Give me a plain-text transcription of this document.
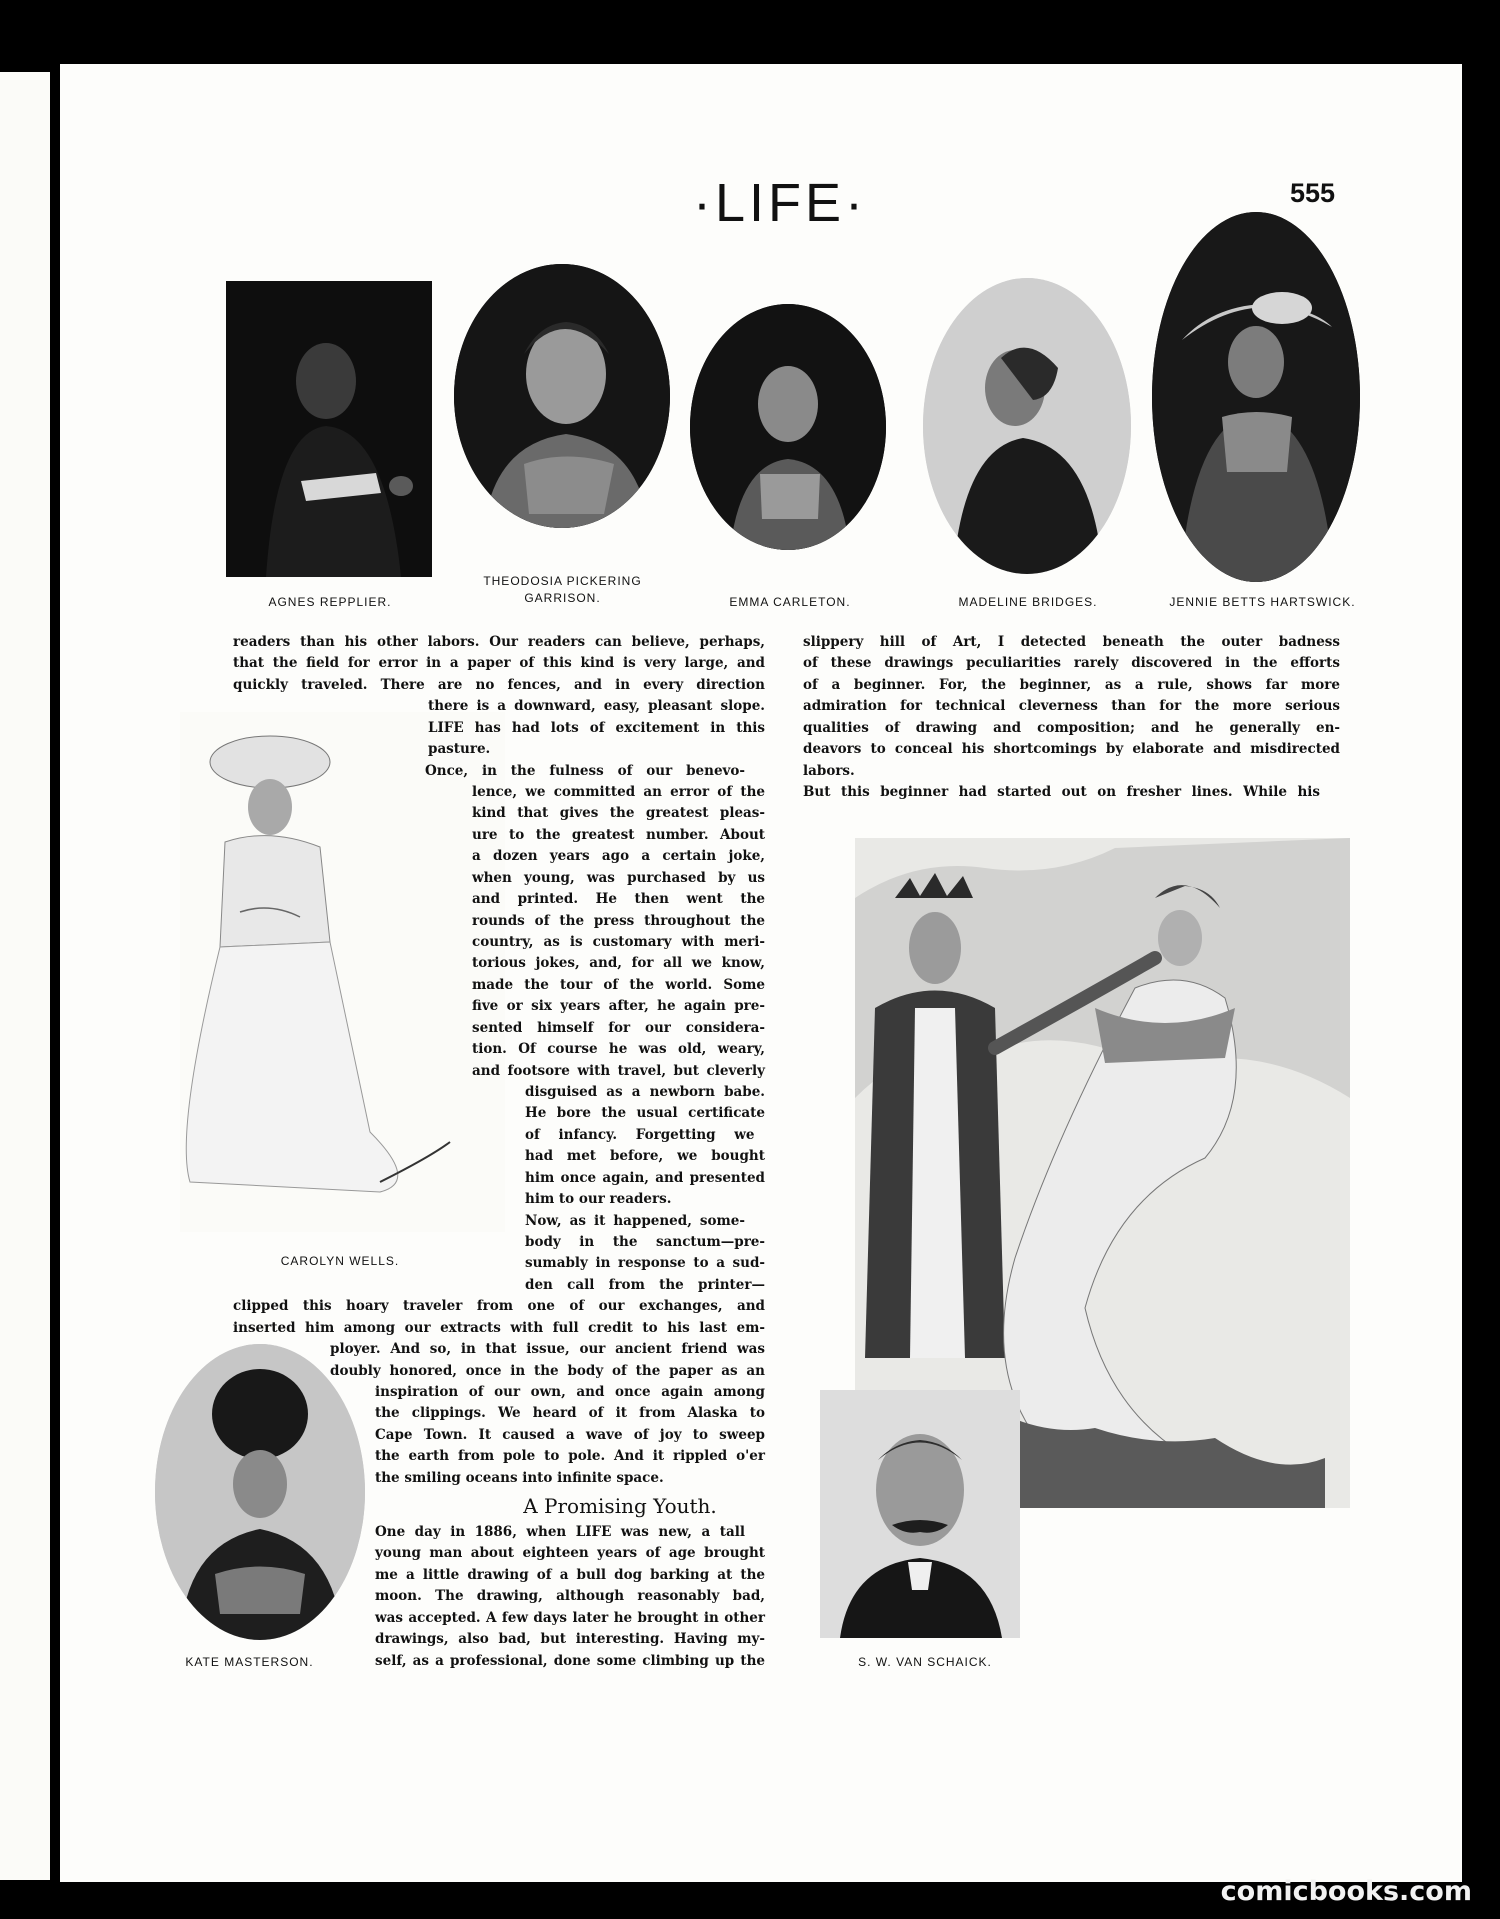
·LIFE·	555
AGNES REPPLIER.
THEODOSIA PICKERING
GARRISON.	EMMA CARLETON.	MADELINE BRIDGES.	JENNIE BETTS HARTSWICK.
CAROLYN WELLS.
KATE MASTERSON.	S. W. VAN SCHAICK.
readers than his other labors. Our readers can believe, perhaps,
that the field for error in a paper of this kind is very large, and
quickly traveled. There are no fences, and in every direction
there is a downward, easy, pleasant slope.
LIFE has had lots of excitement in this
pasture.
Once, in the fulness of our benevo-
lence, we committed an error of the
kind that gives the greatest pleas-
ure to the greatest number. About
a dozen years ago a certain joke,
when young, was purchased by us
and printed. He then went the
rounds of the press throughout the
country, as is customary with meri-
torious jokes, and, for all we know,
made the tour of the world. Some
five or six years after, he again pre-
sented himself for our considera-
tion. Of course he was old, weary,
and footsore with travel, but cleverly
disguised as a newborn babe.
He bore the usual certificate
of infancy. Forgetting we
had met before, we bought
him once again, and presented
him to our readers.
Now, as it happened, some-
body in the sanctum—pre-
sumably in response to a sud-
den call from the printer—
clipped this hoary traveler from one of our exchanges, and
inserted him among our extracts with full credit to his last em-
ployer. And so, in that issue, our ancient friend was
doubly honored, once in the body of the paper as an
inspiration of our own, and once again among
the clippings. We heard of it from Alaska to
Cape Town. It caused a wave of joy to sweep
the earth from pole to pole. And it rippled o'er
the smiling oceans into infinite space.
A Promising Youth.
One day in 1886, when LIFE was new, a tall
young man about eighteen years of age brought
me a little drawing of a bull dog barking at the
moon. The drawing, although reasonably bad,
was accepted. A few days later he brought in other
drawings, also bad, but interesting. Having my-
self, as a professional, done some climbing up the
slippery hill of Art, I detected beneath the outer badness
of these drawings peculiarities rarely discovered in the efforts
of a beginner. For, the beginner, as a rule, shows far more
admiration for technical cleverness than for the more serious
qualities of drawing and composition; and he generally en-
deavors to conceal his shortcomings by elaborate and misdirected
labors.
But this beginner had started out on fresher lines. While his
comicbooks.com
